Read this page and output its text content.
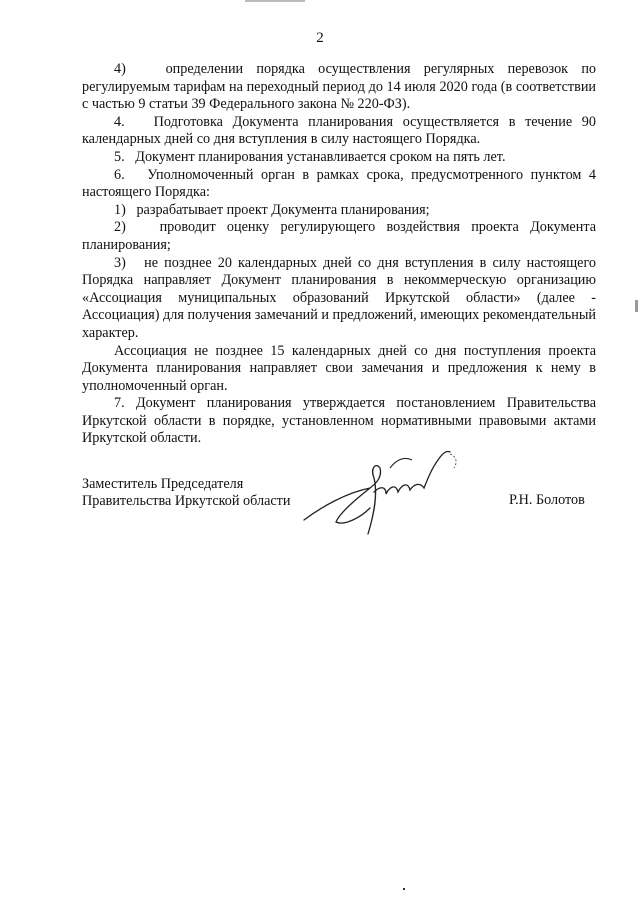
2

4)   определении порядка осуществления регулярных перевозок по регулируемым тарифам на переходный период до 14 июля 2020 года (в соответствии с частью 9 статьи 39 Федерального закона № 220-ФЗ).

4.   Подготовка Документа планирования осуществляется в течение 90 календарных дней со дня вступления в силу настоящего Порядка.

5.   Документ планирования устанавливается сроком на пять лет.

6.   Уполномоченный орган в рамках срока, предусмотренного пунктом 4 настоящего Порядка:

1)   разрабатывает проект Документа планирования;

2)   проводит оценку регулирующего воздействия проекта Документа планирования;

3)   не позднее 20 календарных дней со дня вступления в силу настоящего Порядка направляет Документ планирования в некоммерческую организацию «Ассоциация муниципальных образований Иркутской области» (далее - Ассоциация) для получения замечаний и предложений, имеющих рекомендательный характер.

Ассоциация не позднее 15 календарных дней со дня поступления проекта Документа планирования направляет свои замечания и предложения к нему в уполномоченный орган.

7. Документ планирования утверждается постановлением Правительства Иркутской области в порядке, установленном нормативными правовыми актами Иркутской области.

Заместитель Председателя
Правительства Иркутской области	Р.Н. Болотов
